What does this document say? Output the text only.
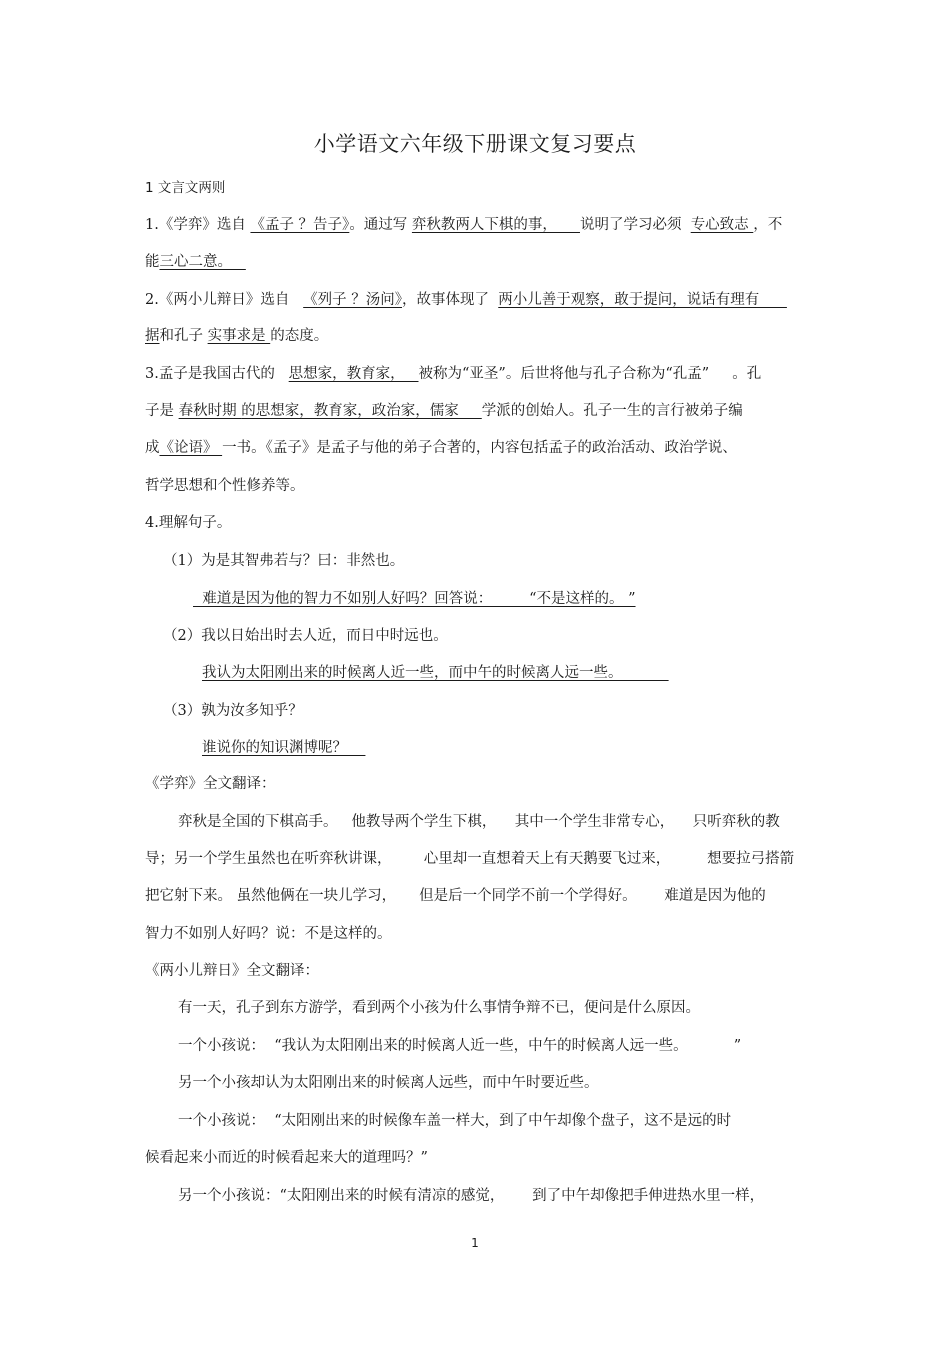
小学语文六年级下册课文复习要点
1 文言文两则
1.《学弈》选自 《孟子 ？告子》。通过写 弈秋教两人下棋的事，     说明了学习必须  专心致志 ，不
能三心二意。
2.《两小儿辩日》选自   《列子 ？汤问》，故事体现了  两小儿善于观察，敢于提问，说话有理有
据和孔子 实事求是 的态度。
3.孟子是我国古代的   思想家，教育家，   被称为“亚圣”。后世将他与孔子合称为“孔孟”     。孔
子是 春秋时期 的思想家，教育家，政治家，儒家     学派的创始人。孔子一生的言行被弟子编
成《论语》 一书。《孟子》是孟子与他的弟子合著的，内容包括孟子的政治活动、政治学说、
哲学思想和个性修养等。
4.理解句子。
（1）为是其智弗若与？曰：非然也。
难道是因为他的智力不如别人好吗？回答说：        “不是这样的。 ”
（2）我以日始出时去人近，而日中时远也。
我认为太阳刚出来的时候离人近一些，而中午的时候离人远一些。
（3）孰为汝多知乎？
谁说你的知识渊博呢？
《学弈》全文翻译：
弈秋是全国的下棋高手。   他教导两个学生下棋，    其中一个学生非常专心，    只听弈秋的教
导；另一个学生虽然也在听弈秋讲课，       心里却一直想着天上有天鹅要飞过来，        想要拉弓搭箭
把它射下来。 虽然他俩在一块儿学习，     但是后一个同学不前一个学得好。      难道是因为他的
智力不如别人好吗？说：不是这样的。
《两小儿辩日》全文翻译：
有一天，孔子到东方游学，看到两个小孩为什么事情争辩不已，便问是什么原因。
一个小孩说：  “我认为太阳刚出来的时候离人近一些，中午的时候离人远一些。          ”
另一个小孩却认为太阳刚出来的时候离人远些，而中午时要近些。
一个小孩说：  “太阳刚出来的时候像车盖一样大，到了中午却像个盘子，这不是远的时
候看起来小而近的时候看起来大的道理吗？”
另一个小孩说：“太阳刚出来的时候有清凉的感觉，      到了中午却像把手伸进热水里一样，
1
